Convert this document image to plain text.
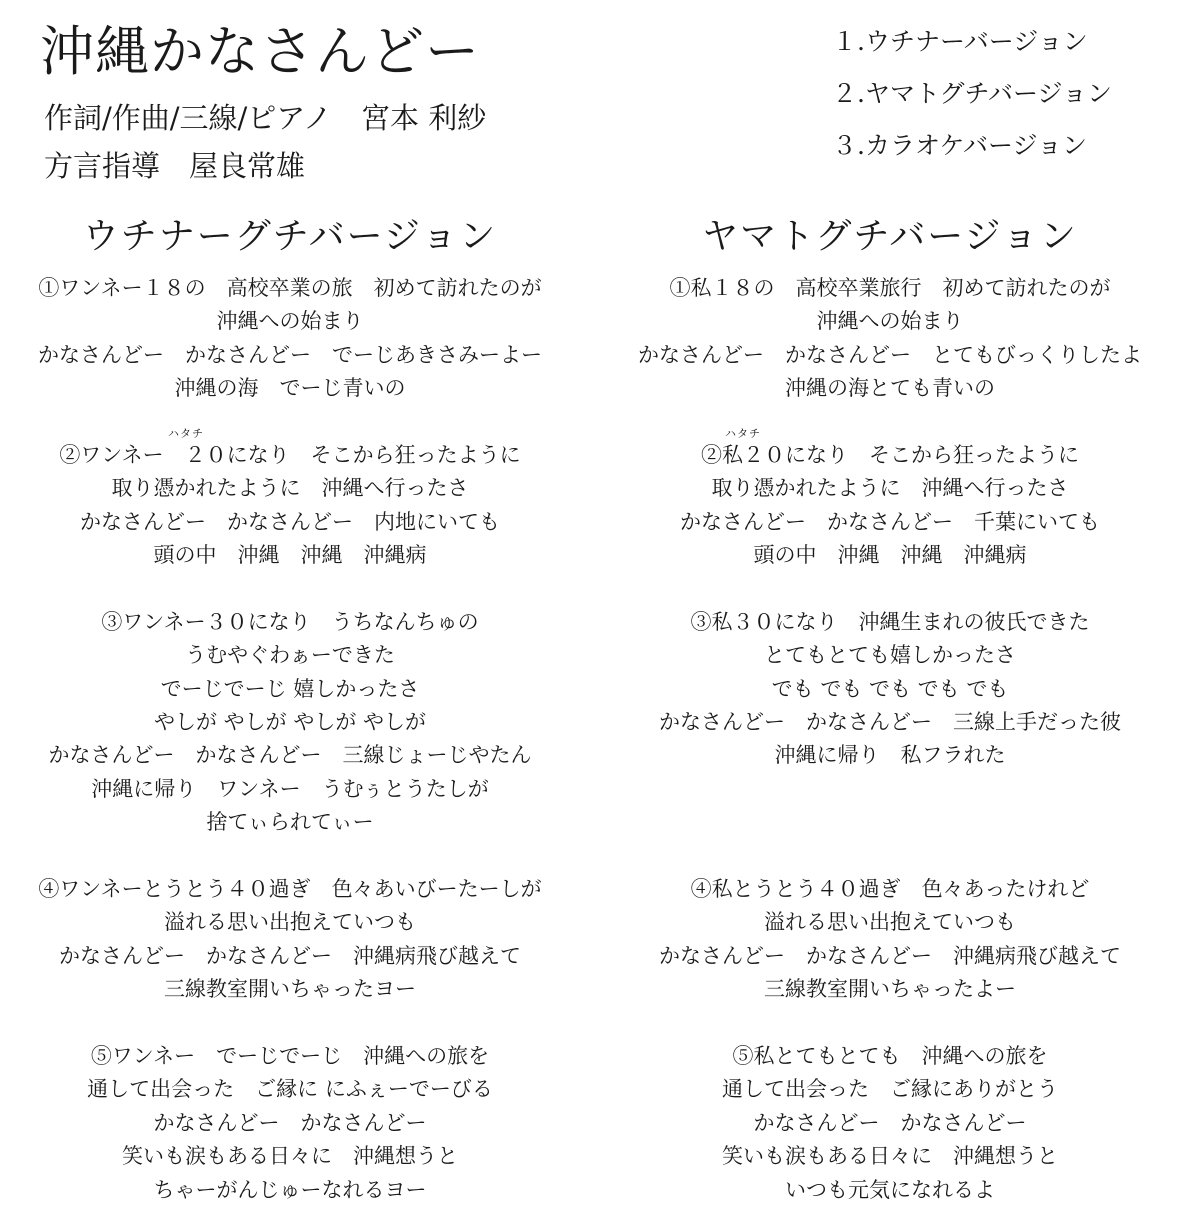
沖縄かなさんどー
作詞/作曲/三線/ピアノ　宮本 利紗
方言指導　屋良常雄
１.ウチナーバージョン
２.ヤマトグチバージョン
３.カラオケバージョン
ウチナーグチバージョン
①ワンネー１８の　高校卒業の旅　初めて訪れたのが
沖縄への始まり
かなさんどー　かなさんどー　でーじあきさみーよー
沖縄の海　でーじ青いの
ハタチ
②ワンネー　２０になり　そこから狂ったように
取り憑かれたように　沖縄へ行ったさ
かなさんどー　かなさんどー　内地にいても
頭の中　沖縄　沖縄　沖縄病
③ワンネー３０になり　うちなんちゅの
うむやぐわぁーできた
でーじでーじ 嬉しかったさ
やしが やしが やしが やしが
かなさんどー　かなさんどー　三線じょーじやたん
沖縄に帰り　ワンネー　うむぅとうたしが
捨てぃられてぃー
④ワンネーとうとう４０過ぎ　色々あいびーたーしが
溢れる思い出抱えていつも
かなさんどー　かなさんどー　沖縄病飛び越えて
三線教室開いちゃったヨー
⑤ワンネー　でーじでーじ　沖縄への旅を
通して出会った　ご縁に にふぇーでーびる
かなさんどー　かなさんどー
笑いも涙もある日々に　沖縄想うと
ちゃーがんじゅーなれるヨー
ヤマトグチバージョン
①私１８の　高校卒業旅行　初めて訪れたのが
沖縄への始まり
かなさんどー　かなさんどー　とてもびっくりしたよ
沖縄の海とても青いの
ハタチ
②私２０になり　そこから狂ったように
取り憑かれたように　沖縄へ行ったさ
かなさんどー　かなさんどー　千葉にいても
頭の中　沖縄　沖縄　沖縄病
③私３０になり　沖縄生まれの彼氏できた
とてもとても嬉しかったさ
でも でも でも でも でも
かなさんどー　かなさんどー　三線上手だった彼
沖縄に帰り　私フラれた
④私とうとう４０過ぎ　色々あったけれど
溢れる思い出抱えていつも
かなさんどー　かなさんどー　沖縄病飛び越えて
三線教室開いちゃったよー
⑤私とてもとても　沖縄への旅を
通して出会った　ご縁にありがとう
かなさんどー　かなさんどー
笑いも涙もある日々に　沖縄想うと
いつも元気になれるよ
